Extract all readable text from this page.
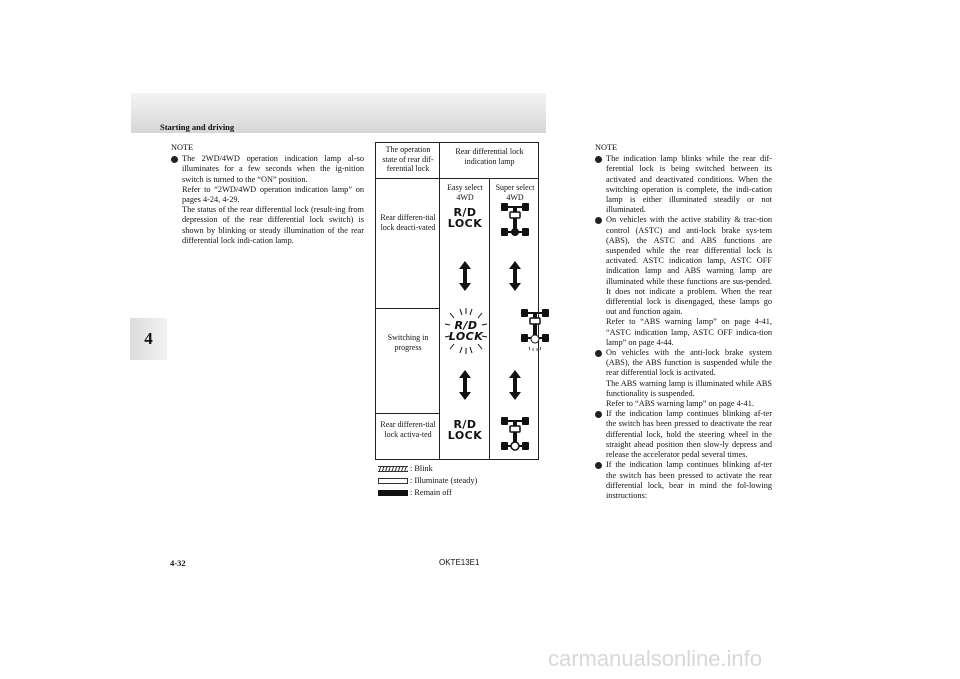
Starting and driving
4
NOTE
The 2WD/4WD operation indication lamp al-so illuminates for a few seconds when the ig-nition switch is turned to the “ON” position.
Refer to “2WD/4WD operation indication lamp” on pages 4-24, 4-29.
The status of the rear differential lock (result-ing from depression of the rear differential lock switch) is shown by blinking or steady illumination of the rear differential lock indi-cation lamp.
The operation state of rear dif-ferential lock
Rear differential lock indication lamp
Easy select 4WD
Super select 4WD
Rear differen-tial lock deacti-vated
Switching in progress
Rear differen-tial lock activa-ted
R/D
LOCK
R/D
LOCK
R/D
LOCK
: Blink
: Illuminate (steady)
: Remain off
NOTE
The indication lamp blinks while the rear dif-ferential lock is being switched between its activated and deactivated conditions. When the switching operation is complete, the indi-cation lamp is either illuminated steadily or not illuminated.
On vehicles with the active stability & trac-tion control (ASTC) and anti-lock brake sys-tem (ABS), the ASTC and ABS functions are suspended while the rear differential lock is activated. ASTC indication lamp, ASTC OFF indication lamp and ABS warning lamp are illuminated while these functions are sus-pended. It does not indicate a problem. When the rear differential lock is disengaged, these lamps go out and function again.
Refer to “ABS warning lamp” on page 4-41, “ASTC indication lamp, ASTC OFF indica-tion lamp” on page 4-44.
On vehicles with the anti-lock brake system (ABS), the ABS function is suspended while the rear differential lock is activated.
The ABS warning lamp is illuminated while ABS functionality is suspended.
Refer to “ABS warning lamp” on page 4-41.
If the indication lamp continues blinking af-ter the switch has been pressed to deactivate the rear differential lock, hold the steering wheel in the straight ahead position then slow-ly depress and release the accelerator pedal several times.
If the indication lamp continues blinking af-ter the switch has been pressed to activate the rear differential lock, bear in mind the fol-lowing instructions:
4-32	OKTE13E1
carmanualsonline.info
